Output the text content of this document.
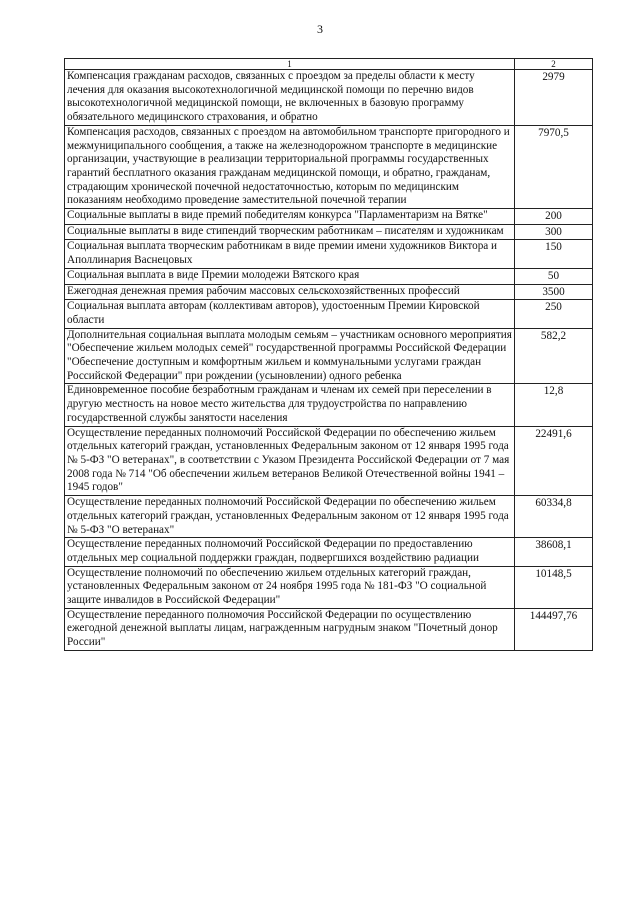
3
1	2
Компенсация гражданам расходов, связанных с проездом за пределы области к месту лечения для оказания высокотехнологичной медицинской помощи по перечню видов высокотехнологичной медицинской помощи, не включенных в базовую программу обязательного медицинского страхования, и обратно	2979
Компенсация расходов, связанных с проездом на автомобильном транспорте пригородного и межмуниципального сообщения, а также на железнодорожном транспорте в медицинские организации, участвующие в реализации территориальной программы государственных гарантий бесплатного оказания гражданам медицинской помощи, и обратно, гражданам, страдающим хронической почечной недостаточностью, которым по медицинским показаниям необходимо проведение заместительной почечной терапии	7970,5
Социальные выплаты в виде премий победителям конкурса "Парламентаризм на Вятке"	200
Социальные выплаты в виде стипендий творческим работникам – писателям и художникам	300
Социальная выплата творческим работникам в виде премии имени художников Виктора и Аполлинария Васнецовых	150
Социальная выплата в виде Премии молодежи Вятского края	50
Ежегодная денежная премия рабочим массовых сельскохозяйственных профессий	3500
Социальная выплата авторам (коллективам авторов), удостоенным Премии Кировской области	250
Дополнительная социальная выплата молодым семьям – участникам основного мероприятия "Обеспечение жильем молодых семей" государственной программы Российской Федерации "Обеспечение доступным и комфортным жильем и коммунальными услугами граждан Российской Федерации" при рождении (усыновлении) одного ребенка	582,2
Единовременное пособие безработным гражданам и членам их семей при переселении в другую местность на новое место жительства для трудоустройства по направлению государственной службы занятости населения	12,8
Осуществление переданных полномочий Российской Федерации по обеспечению жильем отдельных категорий граждан, установленных Федеральным законом от 12 января 1995 года № 5-ФЗ "О ветеранах", в соответствии с Указом Президента Российской Федерации от 7 мая 2008 года № 714 "Об обеспечении жильем ветеранов Великой Отечественной войны 1941 – 1945 годов"	22491,6
Осуществление переданных полномочий Российской Федерации по обеспечению жильем отдельных категорий граждан, установленных Федеральным законом от 12 января 1995 года № 5-ФЗ "О ветеранах"	60334,8
Осуществление переданных полномочий Российской Федерации по предоставлению отдельных мер социальной поддержки граждан, подвергшихся воздействию радиации	38608,1
Осуществление полномочий по обеспечению жильем отдельных категорий граждан, установленных Федеральным законом от 24 ноября 1995 года № 181-ФЗ "О социальной защите инвалидов в Российской Федерации"	10148,5
Осуществление переданного полномочия Российской Федерации по осуществлению ежегодной денежной выплаты лицам, награжденным нагрудным знаком "Почетный донор России"	144497,76
